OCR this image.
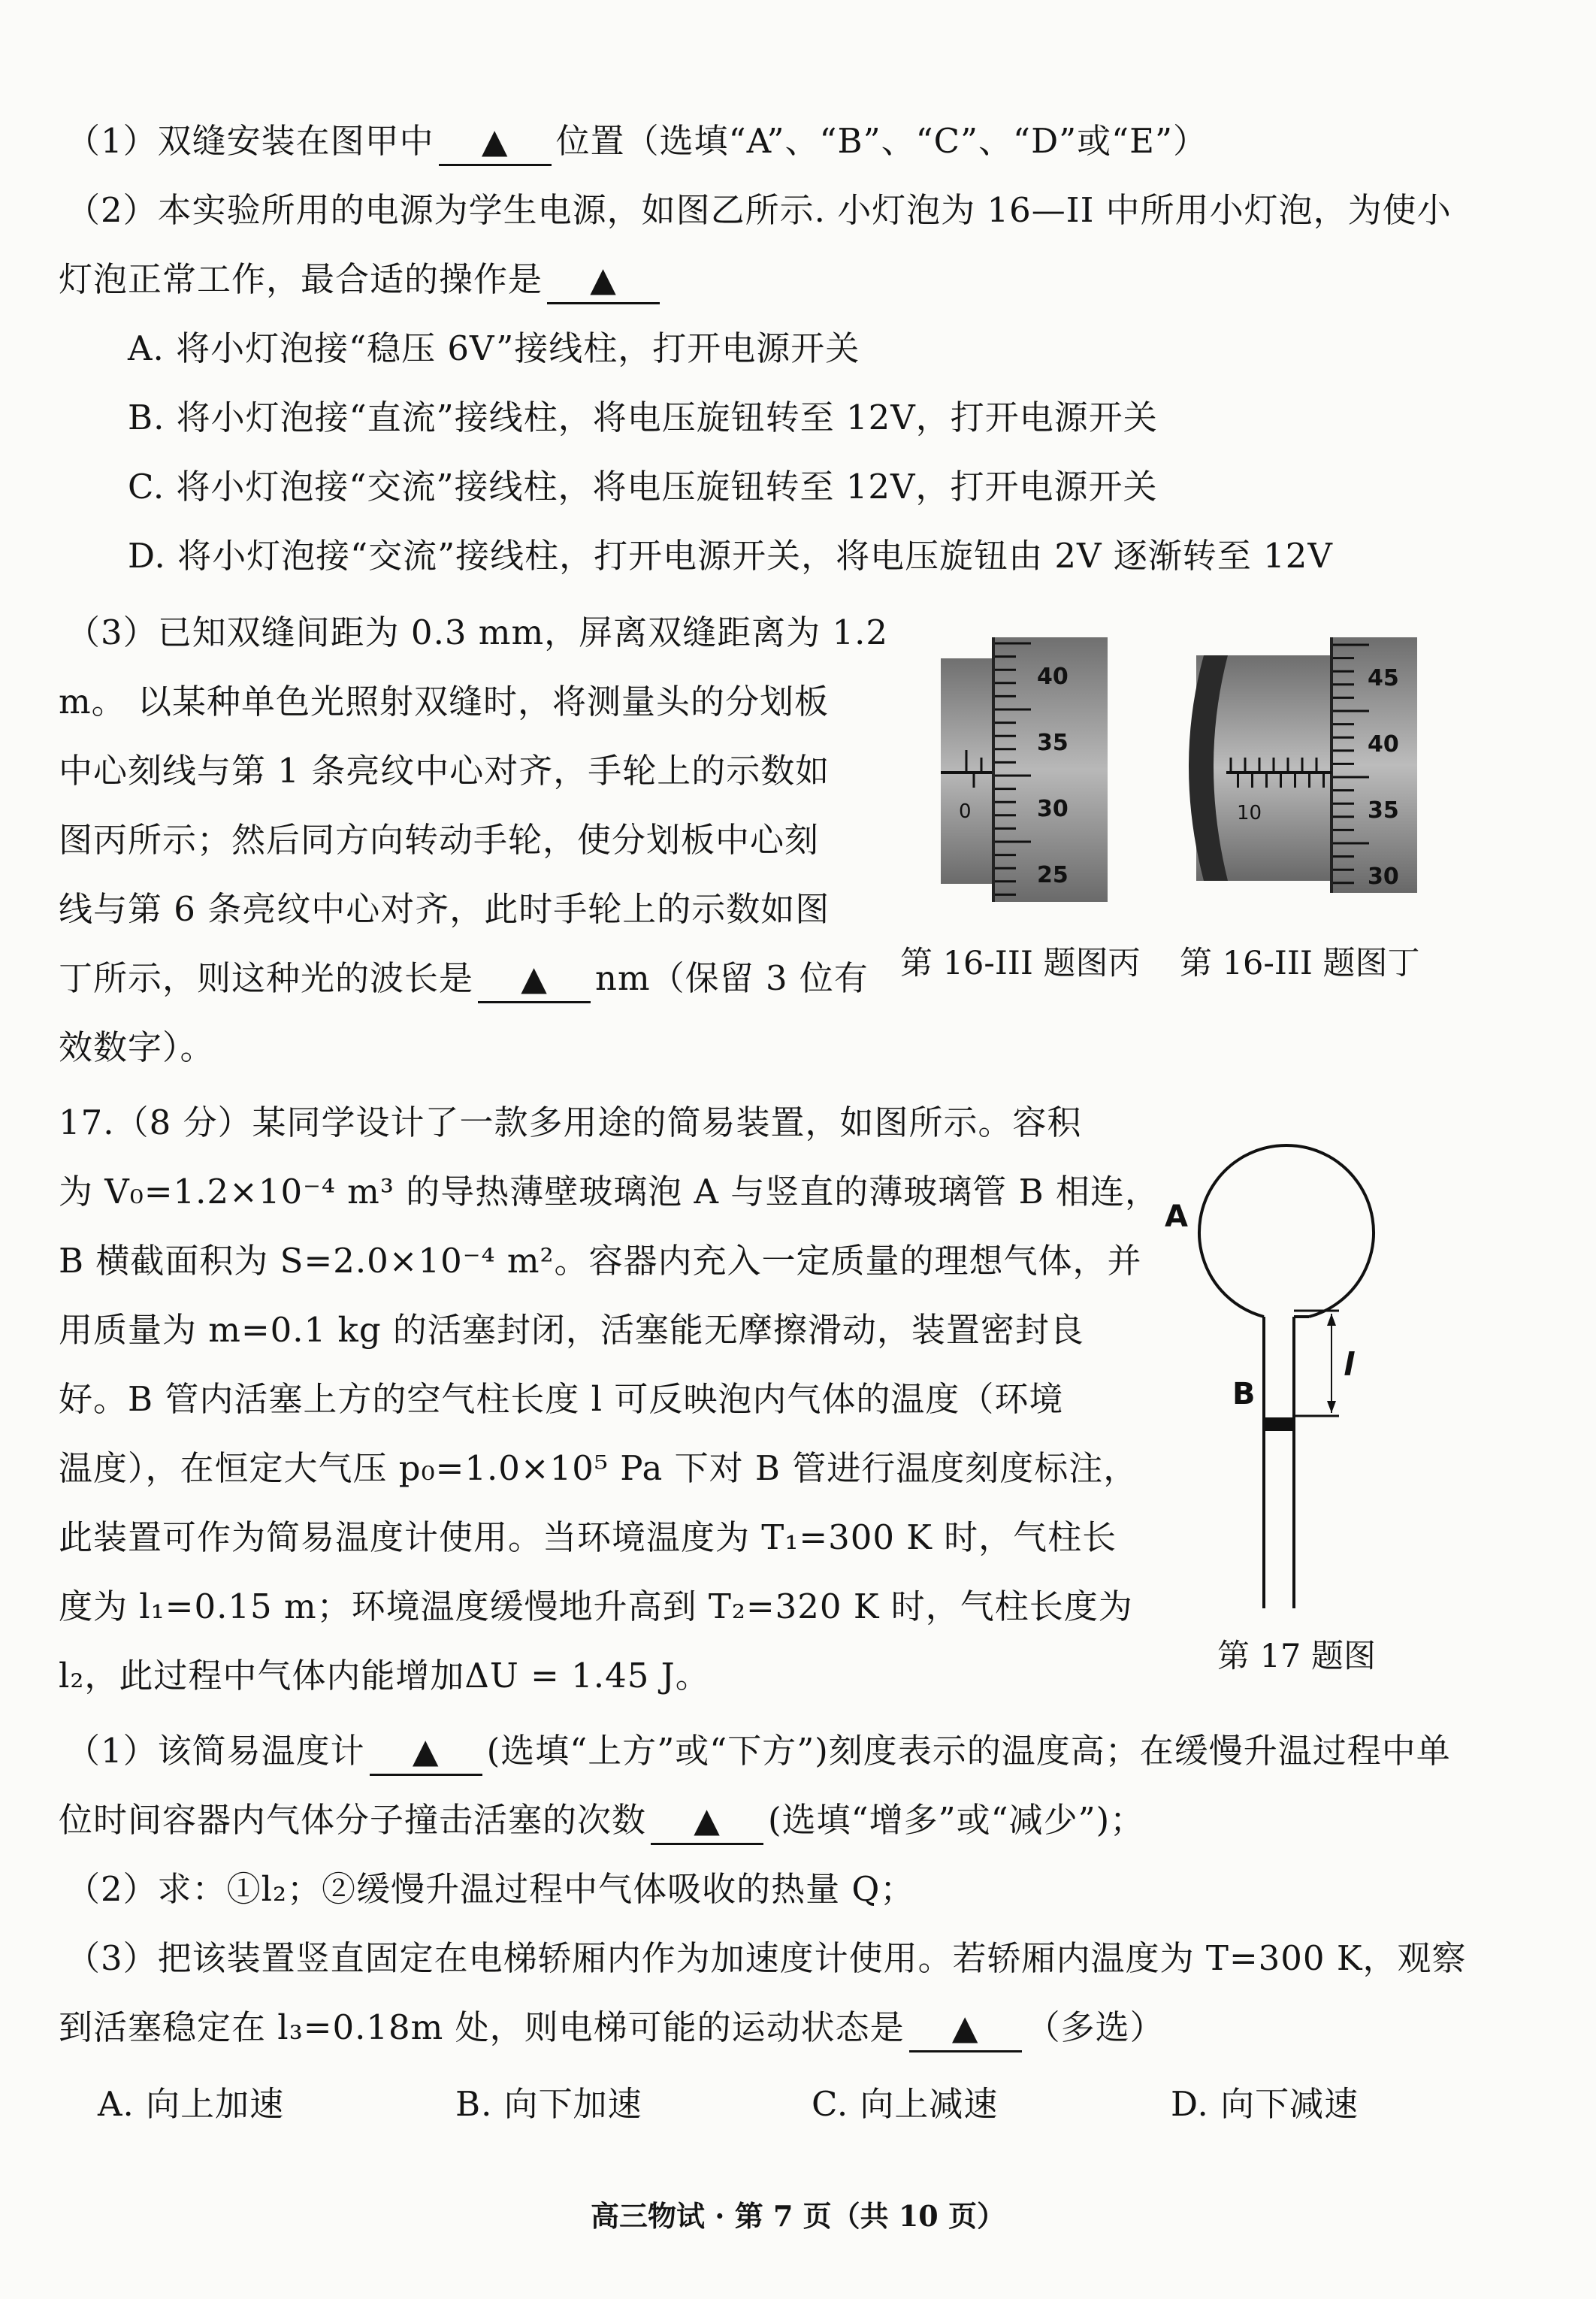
（1）双缝安装在图甲中 ▲ 位置（选填“A”、“B”、“C”、“D”或“E”）
（2）本实验所用的电源为学生电源，如图乙所示. 小灯泡为 16—II 中所用小灯泡，为使小
灯泡正常工作，最合适的操作是 ▲
A. 将小灯泡接“稳压 6V”接线柱，打开电源开关
B. 将小灯泡接“直流”接线柱，将电压旋钮转至 12V，打开电源开关
C. 将小灯泡接“交流”接线柱，将电压旋钮转至 12V，打开电源开关
D. 将小灯泡接“交流”接线柱，打开电源开关，将电压旋钮由 2V 逐渐转至 12V
（3）已知双缝间距为 0.3 mm，屏离双缝距离为 1.2
m。 以某种单色光照射双缝时，将测量头的分划板
中心刻线与第 1 条亮纹中心对齐，手轮上的示数如
图丙所示；然后同方向转动手轮，使分划板中心刻
线与第 6 条亮纹中心对齐，此时手轮上的示数如图
丁所示，则这种光的波长是 ▲ nm（保留 3 位有
效数字）。
0
40
35
30
25
第 16-III 题图丙
10
45
40
35
30
第 16-III 题图丁
17.（8 分）某同学设计了一款多用途的简易装置，如图所示。容积
为 V₀=1.2×10⁻⁴ m³ 的导热薄壁玻璃泡 A 与竖直的薄玻璃管 B 相连，
B 横截面积为 S=2.0×10⁻⁴ m²。容器内充入一定质量的理想气体，并
用质量为 m=0.1 kg 的活塞封闭，活塞能无摩擦滑动，装置密封良
好。B 管内活塞上方的空气柱长度 l 可反映泡内气体的温度（环境
温度），在恒定大气压 p₀=1.0×10⁵ Pa 下对 B 管进行温度刻度标注，
此装置可作为简易温度计使用。当环境温度为 T₁=300 K 时，气柱长
度为 l₁=0.15 m；环境温度缓慢地升高到 T₂=320 K 时，气柱长度为
l₂，此过程中气体内能增加ΔU = 1.45 J。
A
B
l
第 17 题图
（1）该简易温度计 ▲ (选填“上方”或“下方”)刻度表示的温度高；在缓慢升温过程中单
位时间容器内气体分子撞击活塞的次数 ▲ (选填“增多”或“减少”)；
（2）求：①l₂；②缓慢升温过程中气体吸收的热量 Q；
（3）把该装置竖直固定在电梯轿厢内作为加速度计使用。若轿厢内温度为 T=300 K，观察
到活塞稳定在 l₃=0.18m 处，则电梯可能的运动状态是 ▲ （多选）
A. 向上加速	B. 向下加速	C. 向上减速	D. 向下减速
高三物试 · 第 7 页（共 10 页）
